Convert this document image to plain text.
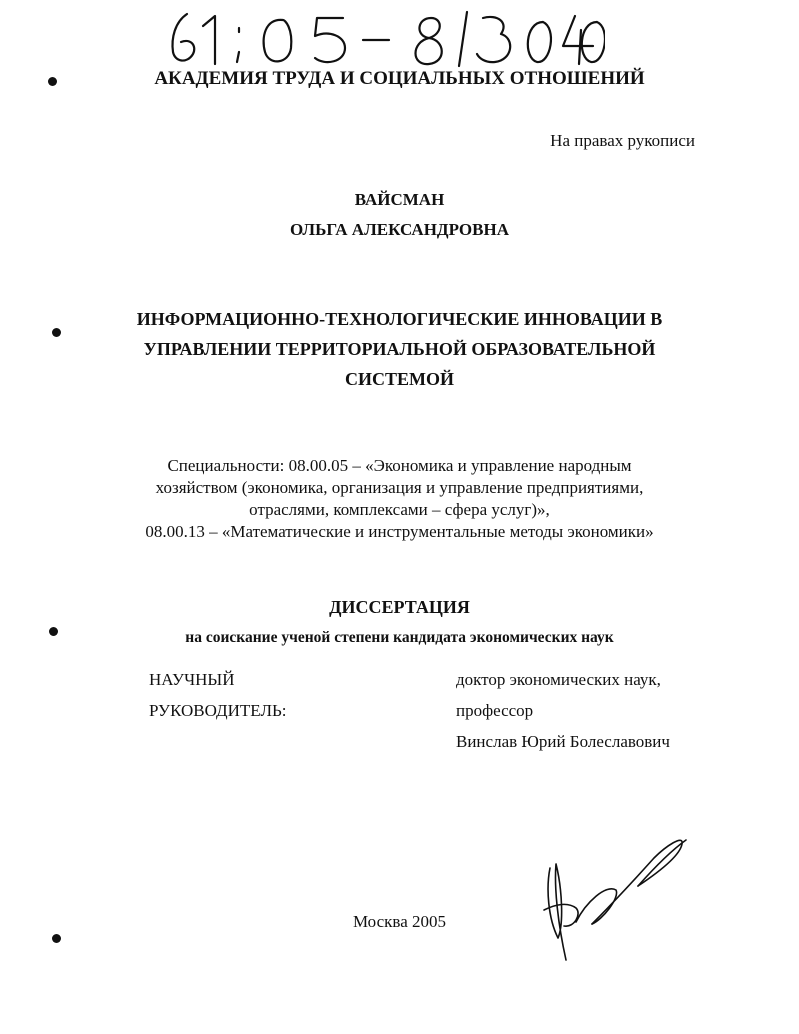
АКАДЕМИЯ ТРУДА И СОЦИАЛЬНЫХ ОТНОШЕНИЙ
На правах рукописи
ВАЙСМАН
ОЛЬГА АЛЕКСАНДРОВНА
ИНФОРМАЦИОННО-ТЕХНОЛОГИЧЕСКИЕ ИННОВАЦИИ В
УПРАВЛЕНИИ ТЕРРИТОРИАЛЬНОЙ ОБРАЗОВАТЕЛЬНОЙ
СИСТЕМОЙ
Специальности: 08.00.05 – «Экономика и управление народным
хозяйством (экономика, организация и управление предприятиями,
отраслями, комплексами – сфера услуг)»,
08.00.13 – «Математические и инструментальные методы экономики»
ДИССЕРТАЦИЯ
на соискание ученой степени кандидата экономических наук
НАУЧНЫЙ
РУКОВОДИТЕЛЬ:
доктор экономических наук,
профессор
Винслав Юрий Болеславович
Москва 2005
